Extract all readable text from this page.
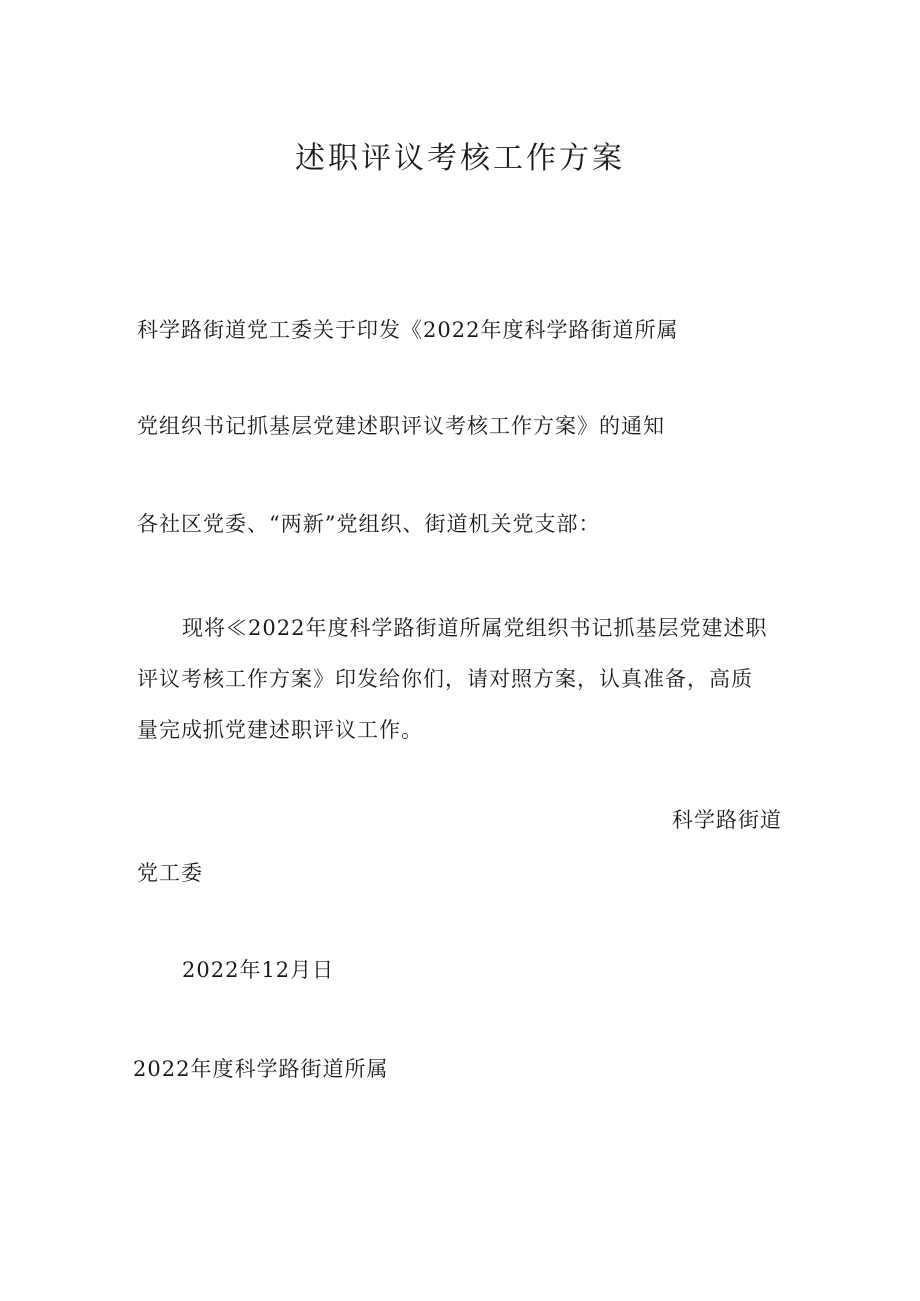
述职评议考核工作方案
科学路街道党工委关于印发《2022年度科学路街道所属
党组织书记抓基层党建述职评议考核工作方案》的通知
各社区党委、“两新”党组织、街道机关党支部：

现将≪2022年度科学路街道所属党组织书记抓基层党建述职

评议考核工作方案》印发给你们，请对照方案，认真准备，高质

量完成抓党建述职评议工作。

科学路街道
党工委
2022年12月日
2022年度科学路街道所属
